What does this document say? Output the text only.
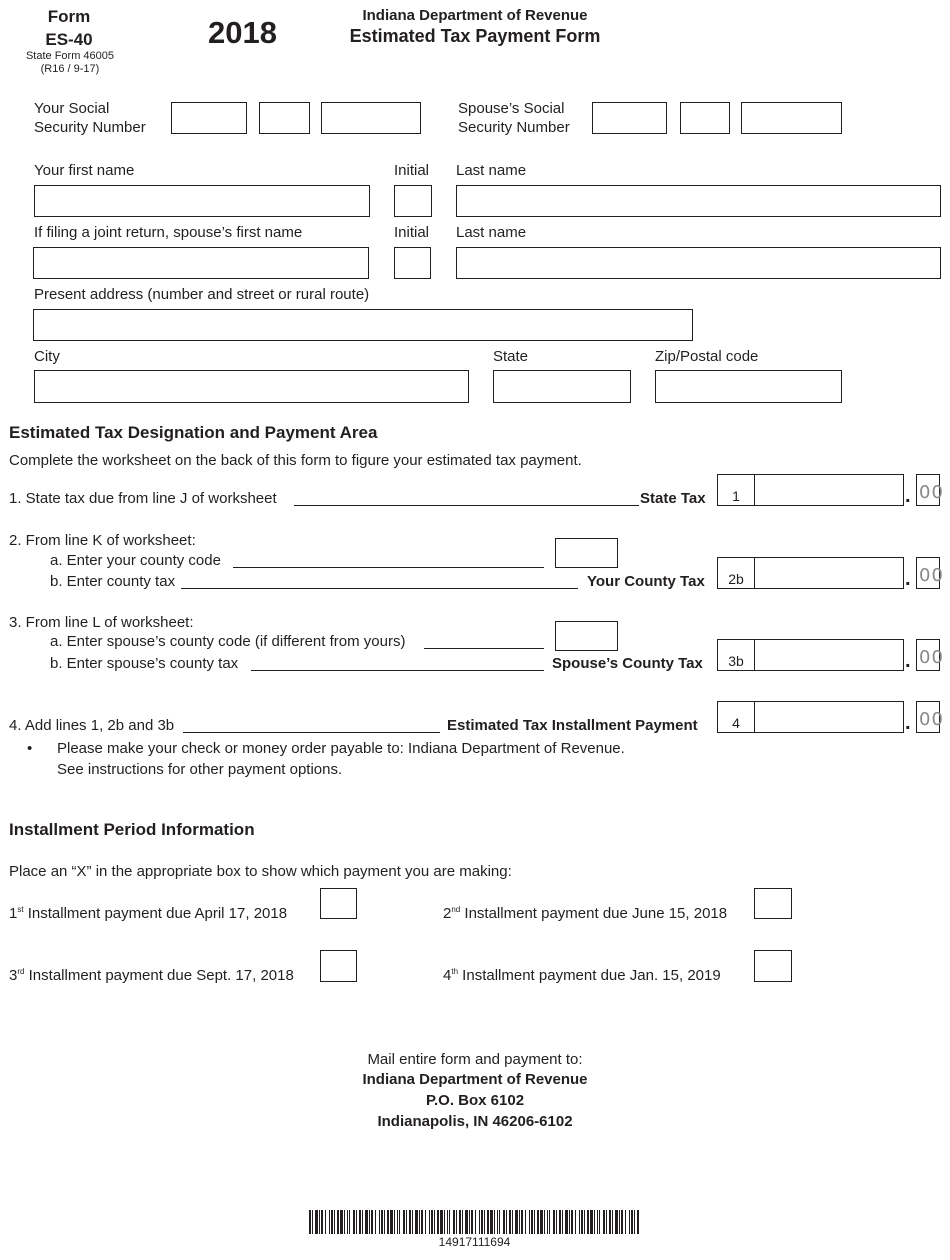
Form
ES-40
State Form 46005
(R16 / 9-17)
2018	Indiana Department of Revenue
Estimated Tax Payment Form
Your Social
Security Number
Spouse’s Social
Security Number
Your first name	Initial Last name
If filing a joint return, spouse’s first name	Initial Last name
Present address (number and street or rural route)
City	State	Zip/Postal code
Estimated Tax Designation and Payment Area
Complete the worksheet on the back of this form to figure your estimated tax payment.
1. State tax due from line J of worksheet	State Tax	1	. 00
2. From line K of worksheet:
a. Enter your county code
b. Enter county tax	Your County Tax	2b	. 00
3. From line L of worksheet:
a. Enter spouse’s county code (if different from yours)
b. Enter spouse’s county tax	Spouse’s County Tax	3b	. 00
4. Add lines 1, 2b and 3b	Estimated Tax Installment Payment	4	. 00
• Please make your check or money order payable to: Indiana Department of Revenue.
See instructions for other payment options.
Installment Period Information
Place an “X” in the appropriate box to show which payment you are making:
1st Installment payment due April 17, 2018	2nd Installment payment due June 15, 2018
3rd Installment payment due Sept. 17, 2018	4th Installment payment due Jan. 15, 2019
Mail entire form and payment to:
Indiana Department of Revenue
P.O. Box 6102
Indianapolis, IN 46206-6102
14917111694
